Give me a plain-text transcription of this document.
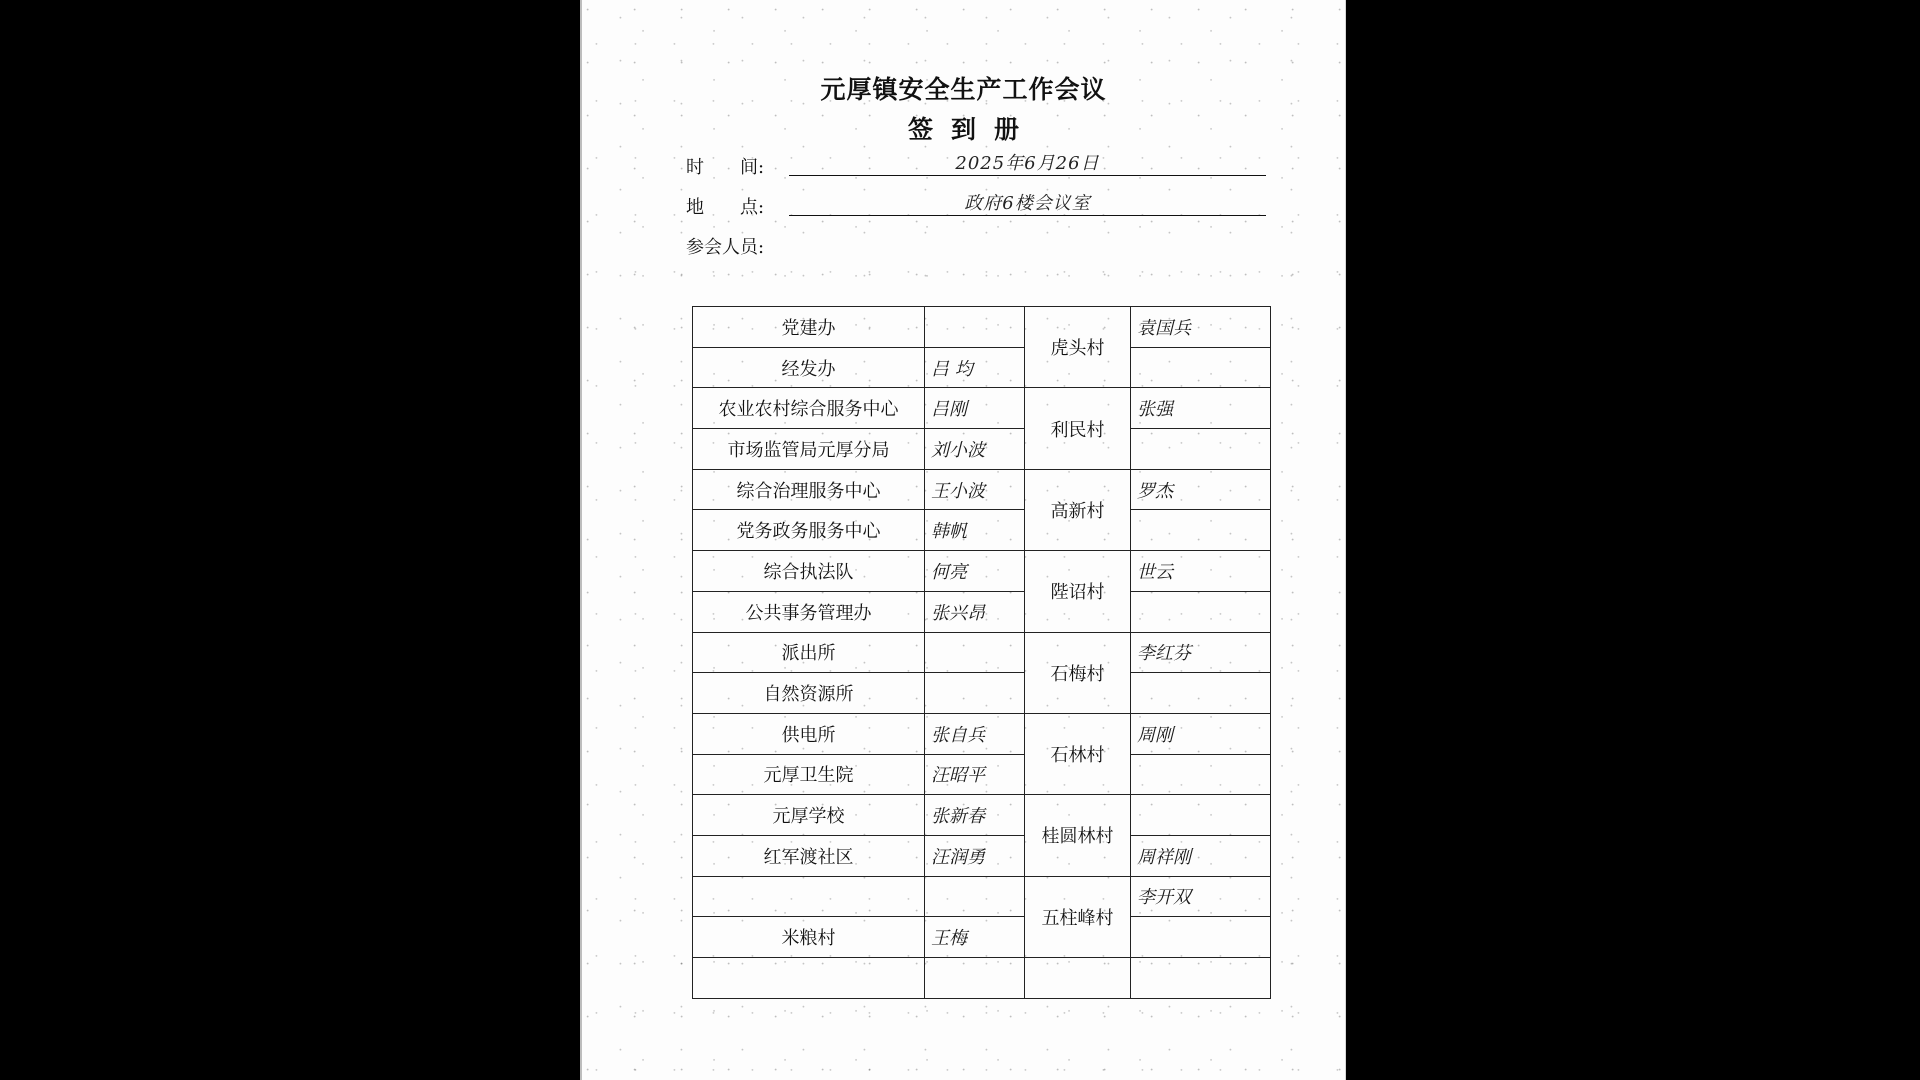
元厚镇安全生产工作会议
签到册
时　　间:	2025年6月26日
地　　点:	政府6楼会议室
参会人员:
党建办		虎头村	袁国兵
经发办	吕 均		
农业农村综合服务中心	吕刚	利民村	张强
市场监管局元厚分局	刘小波		
综合治理服务中心	王小波	高新村	罗杰
党务政务服务中心	韩帆		
综合执法队	何亮	陛诏村	世云
公共事务管理办	张兴昂		
派出所		石梅村	李红芬
自然资源所			
供电所	张自兵	石林村	周刚
元厚卫生院	汪昭平		
元厚学校	张新春	桂圆林村	
红军渡社区	汪润勇		周祥刚
		五柱峰村	李开双
米粮村	王梅		
